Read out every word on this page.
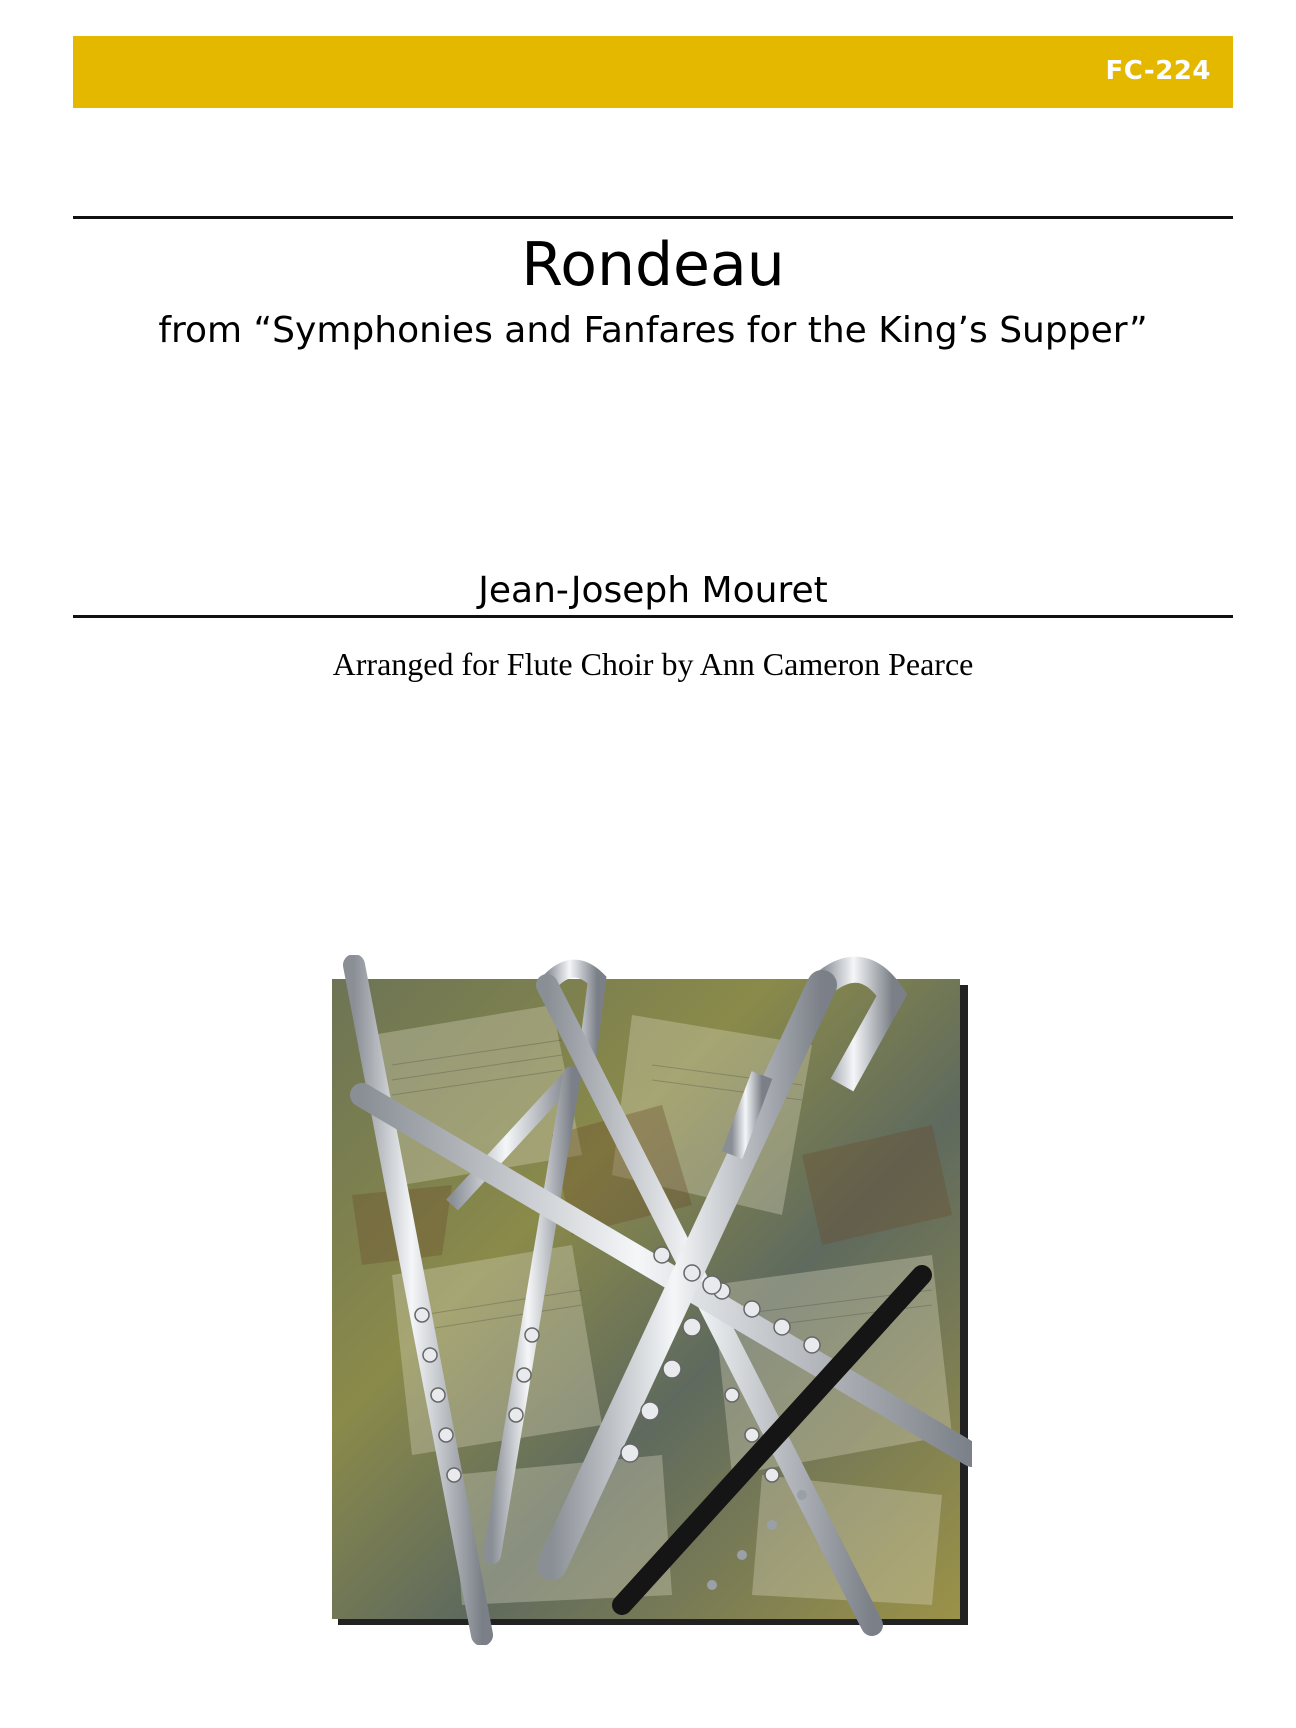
FC-224
Rondeau
from “Symphonies and Fanfares for the King’s Supper”
Jean-Joseph Mouret
Arranged for Flute Choir by Ann Cameron Pearce
